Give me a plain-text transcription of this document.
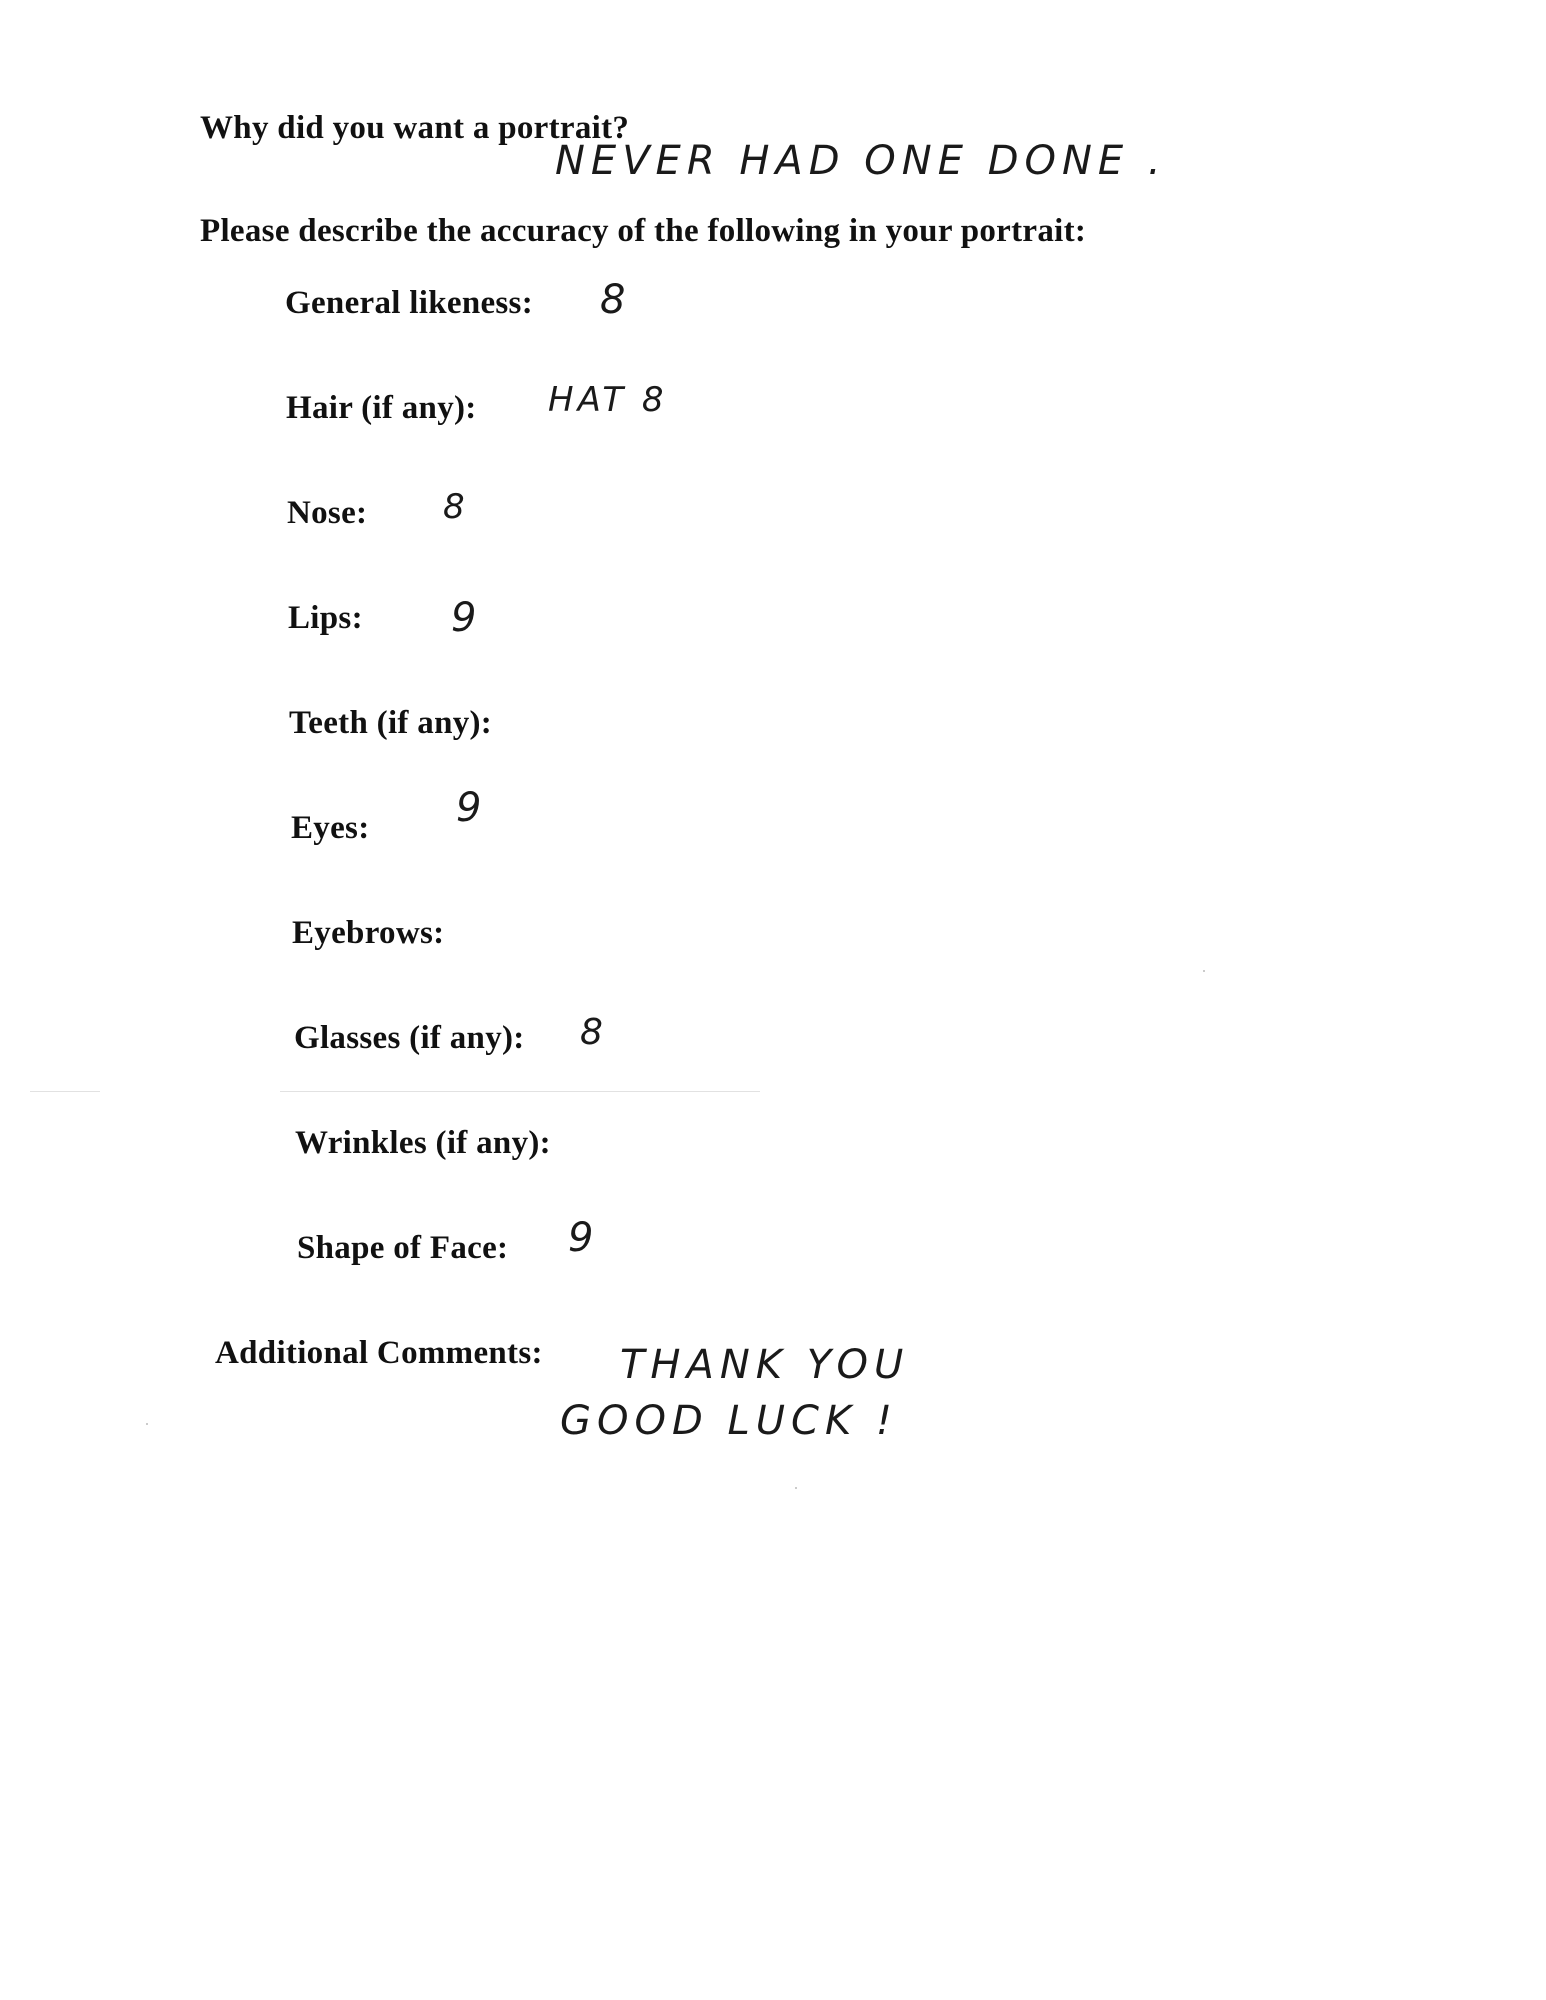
Why did you want a portrait?
NEVER HAD ONE DONE .
Please describe the accuracy of the following in your portrait:
General likeness: 8
Hair (if any): HAT 8
Nose: 8
Lips: 9
Teeth (if any):
Eyes: 9
Eyebrows:
Glasses (if any): 8
Wrinkles (if any):
Shape of Face: 9
Additional Comments: THANK YOU
GOOD LUCK !
